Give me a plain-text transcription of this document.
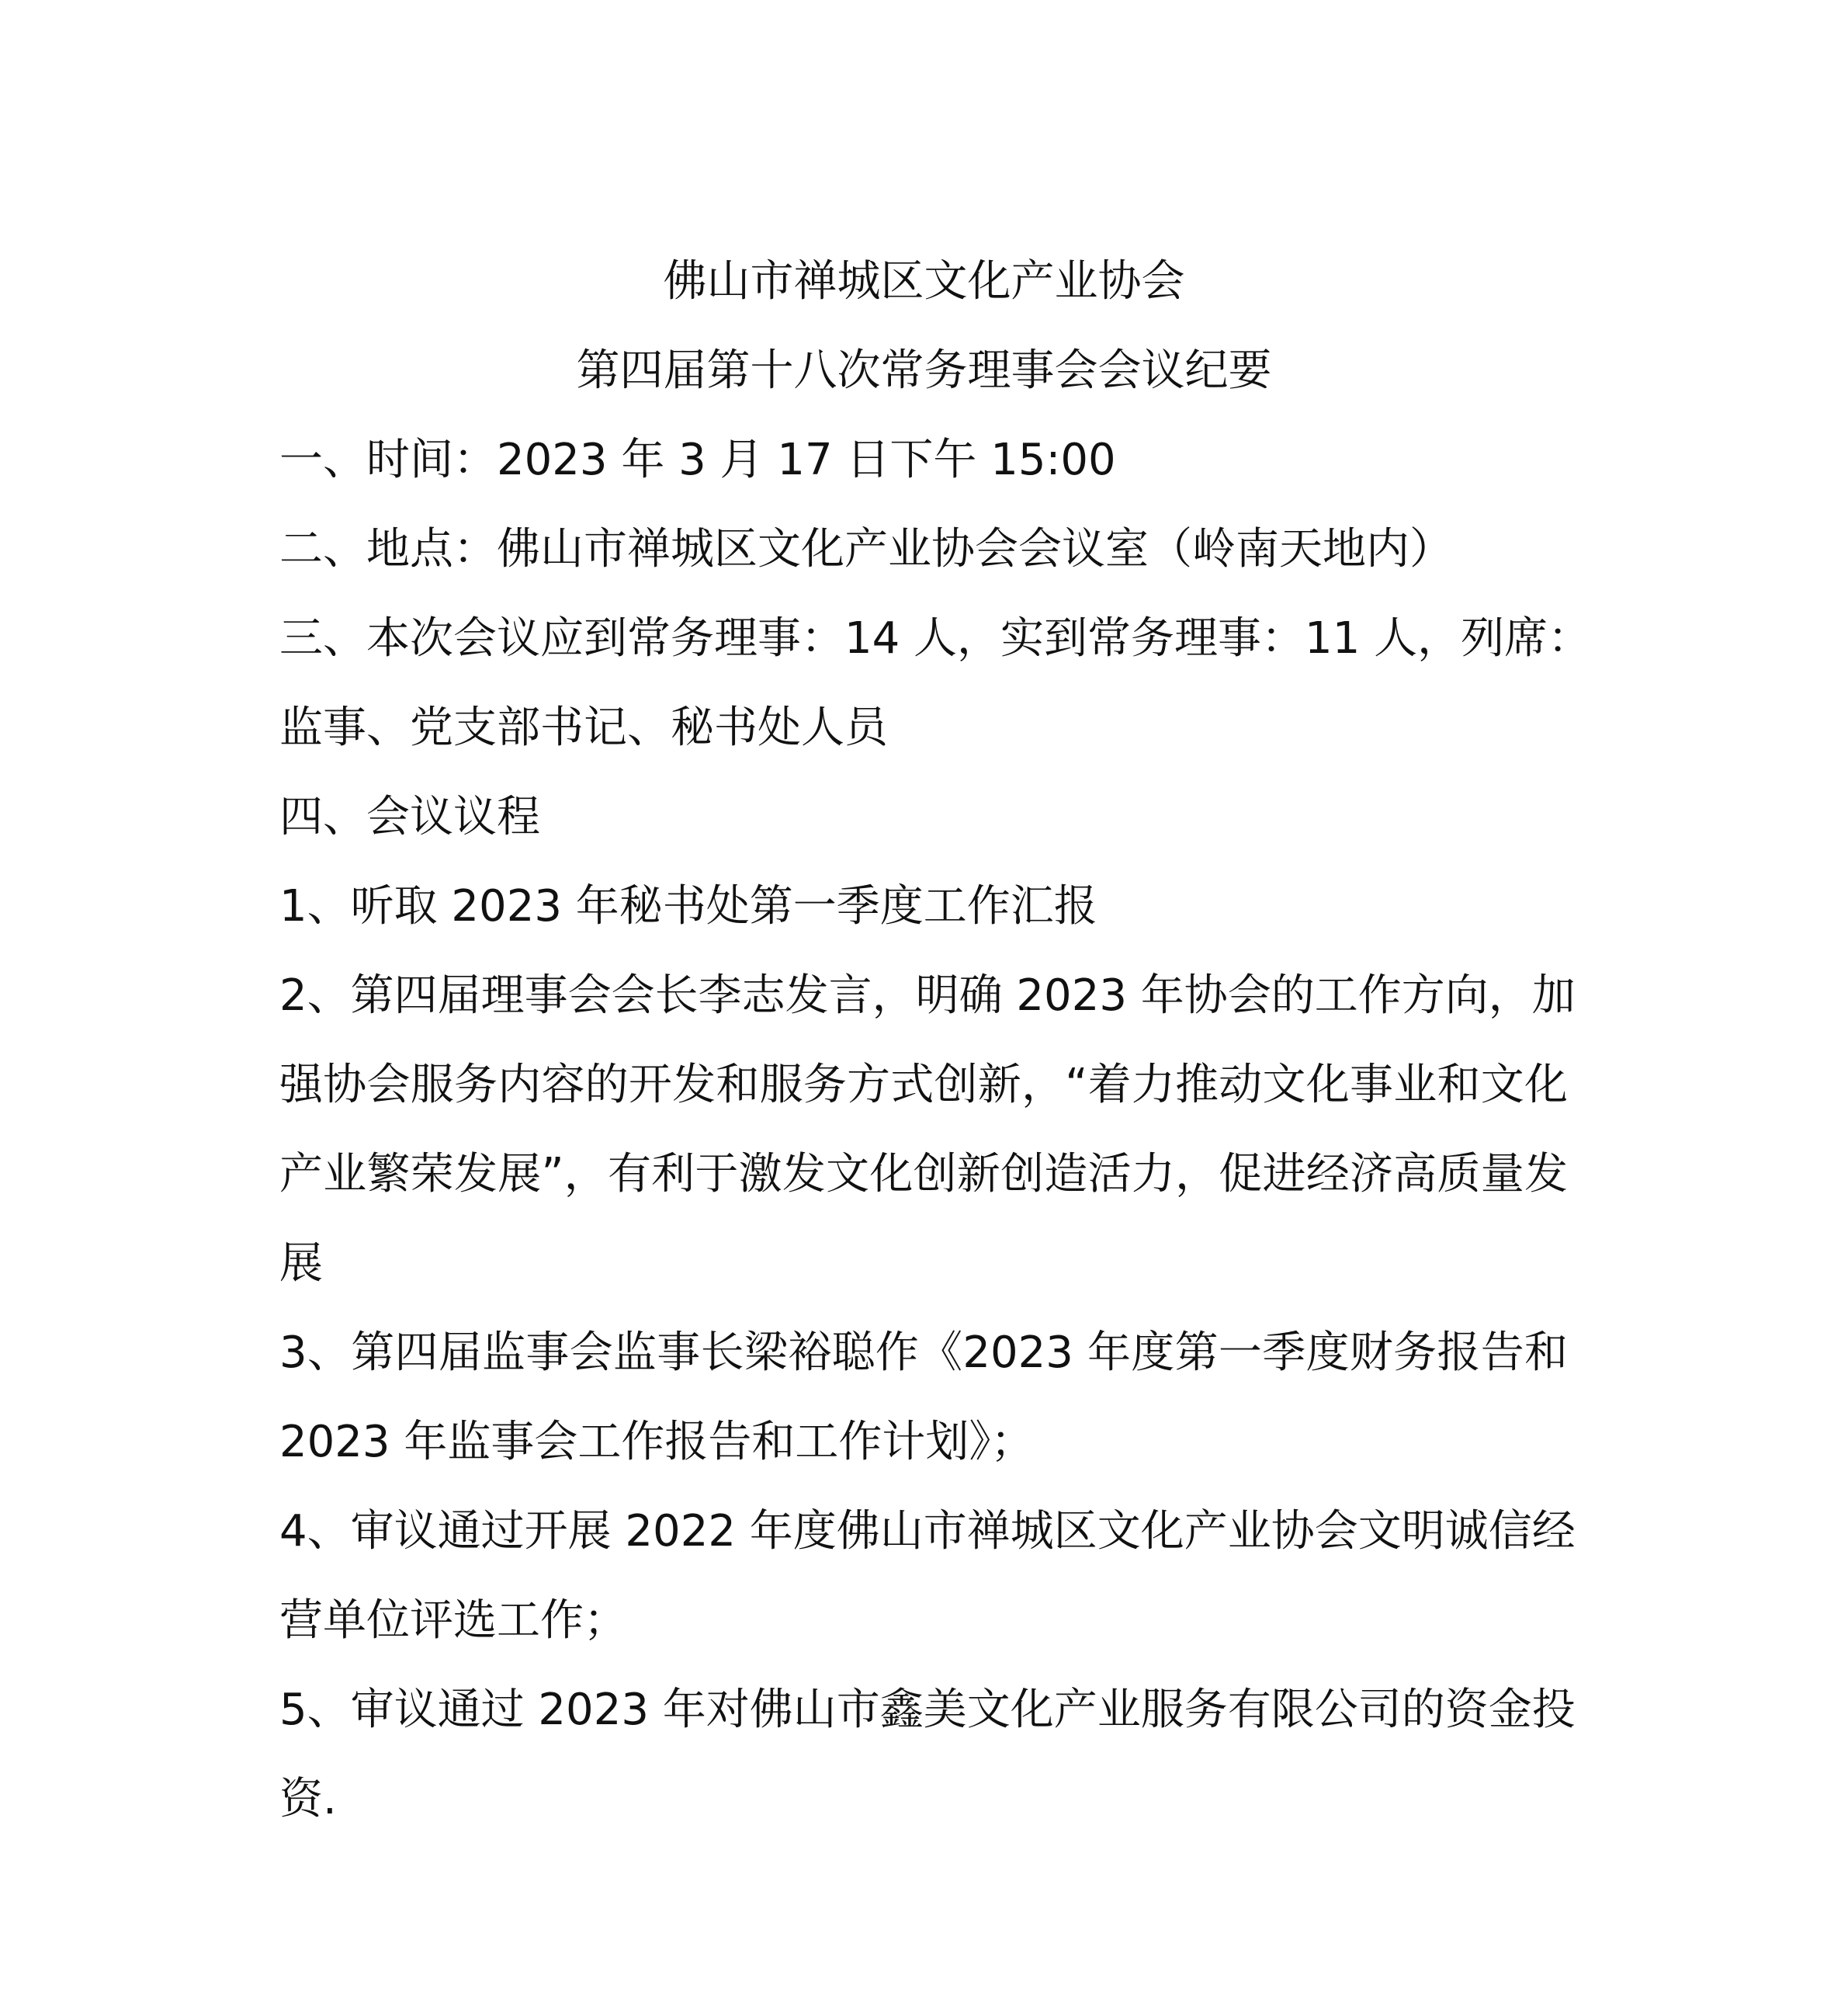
佛山市禅城区文化产业协会
第四届第十八次常务理事会会议纪要
一、时间：2023 年 3 月 17 日下午 15:00
二、地点：佛山市禅城区文化产业协会会议室（岭南天地内）
三、本次会议应到常务理事：14 人，实到常务理事：11 人，列席：
监事、党支部书记、秘书处人员
四、会议议程
1、听取 2023 年秘书处第一季度工作汇报
2、第四届理事会会长李志发言，明确 2023 年协会的工作方向，加
强协会服务内容的开发和服务方式创新，“着力推动文化事业和文化
产业繁荣发展”，有利于激发文化创新创造活力，促进经济高质量发
展
3、第四届监事会监事长梁裕聪作《2023 年度第一季度财务报告和
2023 年监事会工作报告和工作计划》；
4、审议通过开展 2022 年度佛山市禅城区文化产业协会文明诚信经
营单位评选工作；
5、审议通过 2023 年对佛山市鑫美文化产业服务有限公司的资金投
资.
